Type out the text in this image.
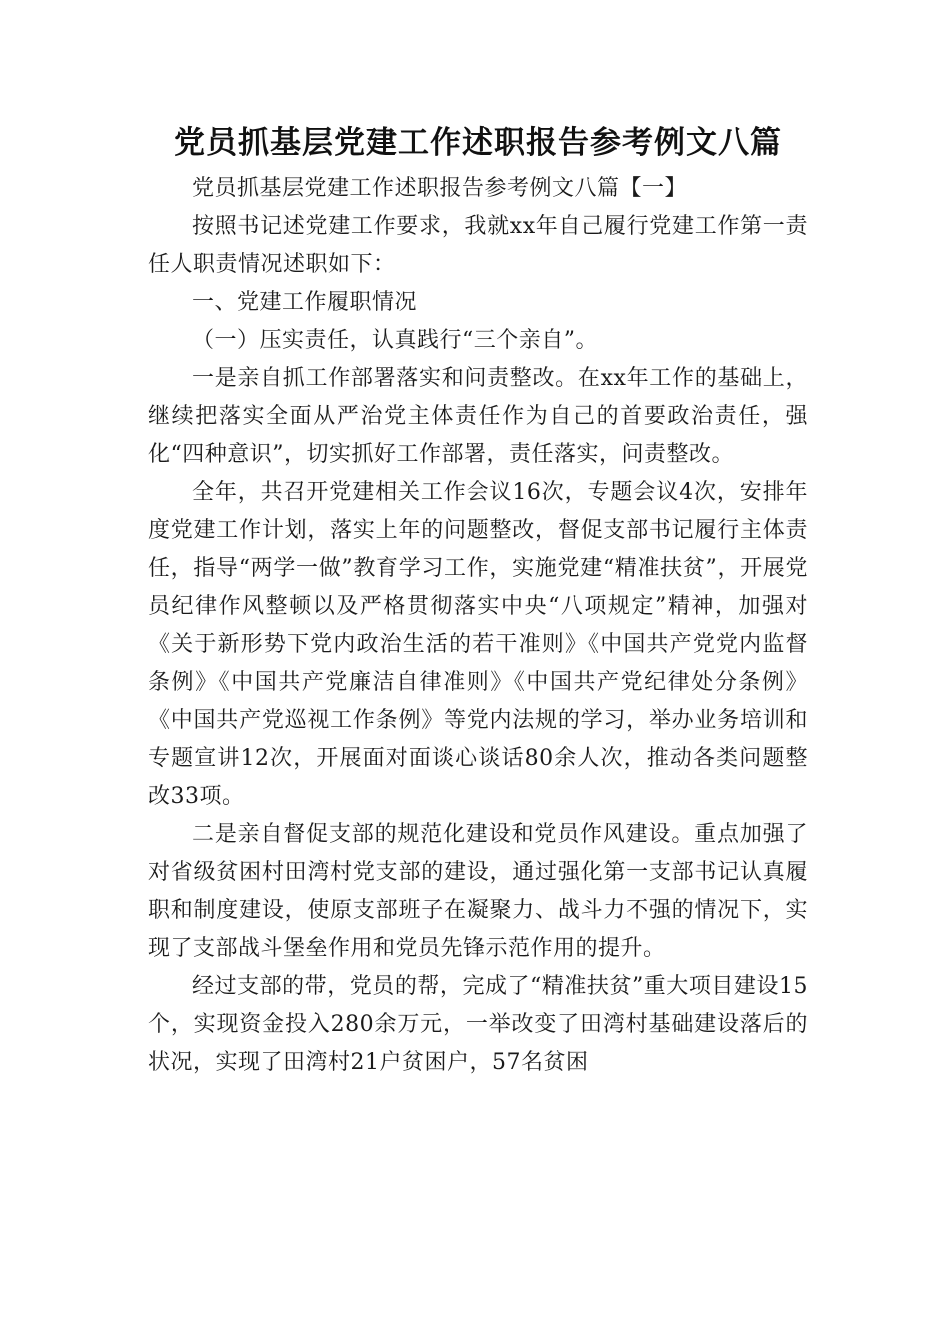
党员抓基层党建工作述职报告参考例文八篇

党员抓基层党建工作述职报告参考例文八篇【一】

按照书记述党建工作要求，我就xx年自己履行党建工作第一责任人职责情况述职如下：

一、党建工作履职情况

（一）压实责任，认真践行“三个亲自”。

一是亲自抓工作部署落实和问责整改。在xx年工作的基础上，继续把落实全面从严治党主体责任作为自己的首要政治责任，强化“四种意识”，切实抓好工作部署，责任落实，问责整改。

全年，共召开党建相关工作会议16次，专题会议4次，安排年度党建工作计划，落实上年的问题整改，督促支部书记履行主体责任，指导“两学一做”教育学习工作，实施党建“精准扶贫”，开展党员纪律作风整顿以及严格贯彻落实中央“八项规定”精神，加强对《关于新形势下党内政治生活的若干准则》《中国共产党党内监督条例》《中国共产党廉洁自律准则》《中国共产党纪律处分条例》《中国共产党巡视工作条例》等党内法规的学习，举办业务培训和专题宣讲12次，开展面对面谈心谈话80余人次，推动各类问题整改33项。

二是亲自督促支部的规范化建设和党员作风建设。重点加强了对省级贫困村田湾村党支部的建设，通过强化第一支部书记认真履职和制度建设，使原支部班子在凝聚力、战斗力不强的情况下，实现了支部战斗堡垒作用和党员先锋示范作用的提升。

经过支部的带，党员的帮，完成了“精准扶贫”重大项目建设15个，实现资金投入280余万元，一举改变了田湾村基础建设落后的状况，实现了田湾村21户贫困户，57名贫困
